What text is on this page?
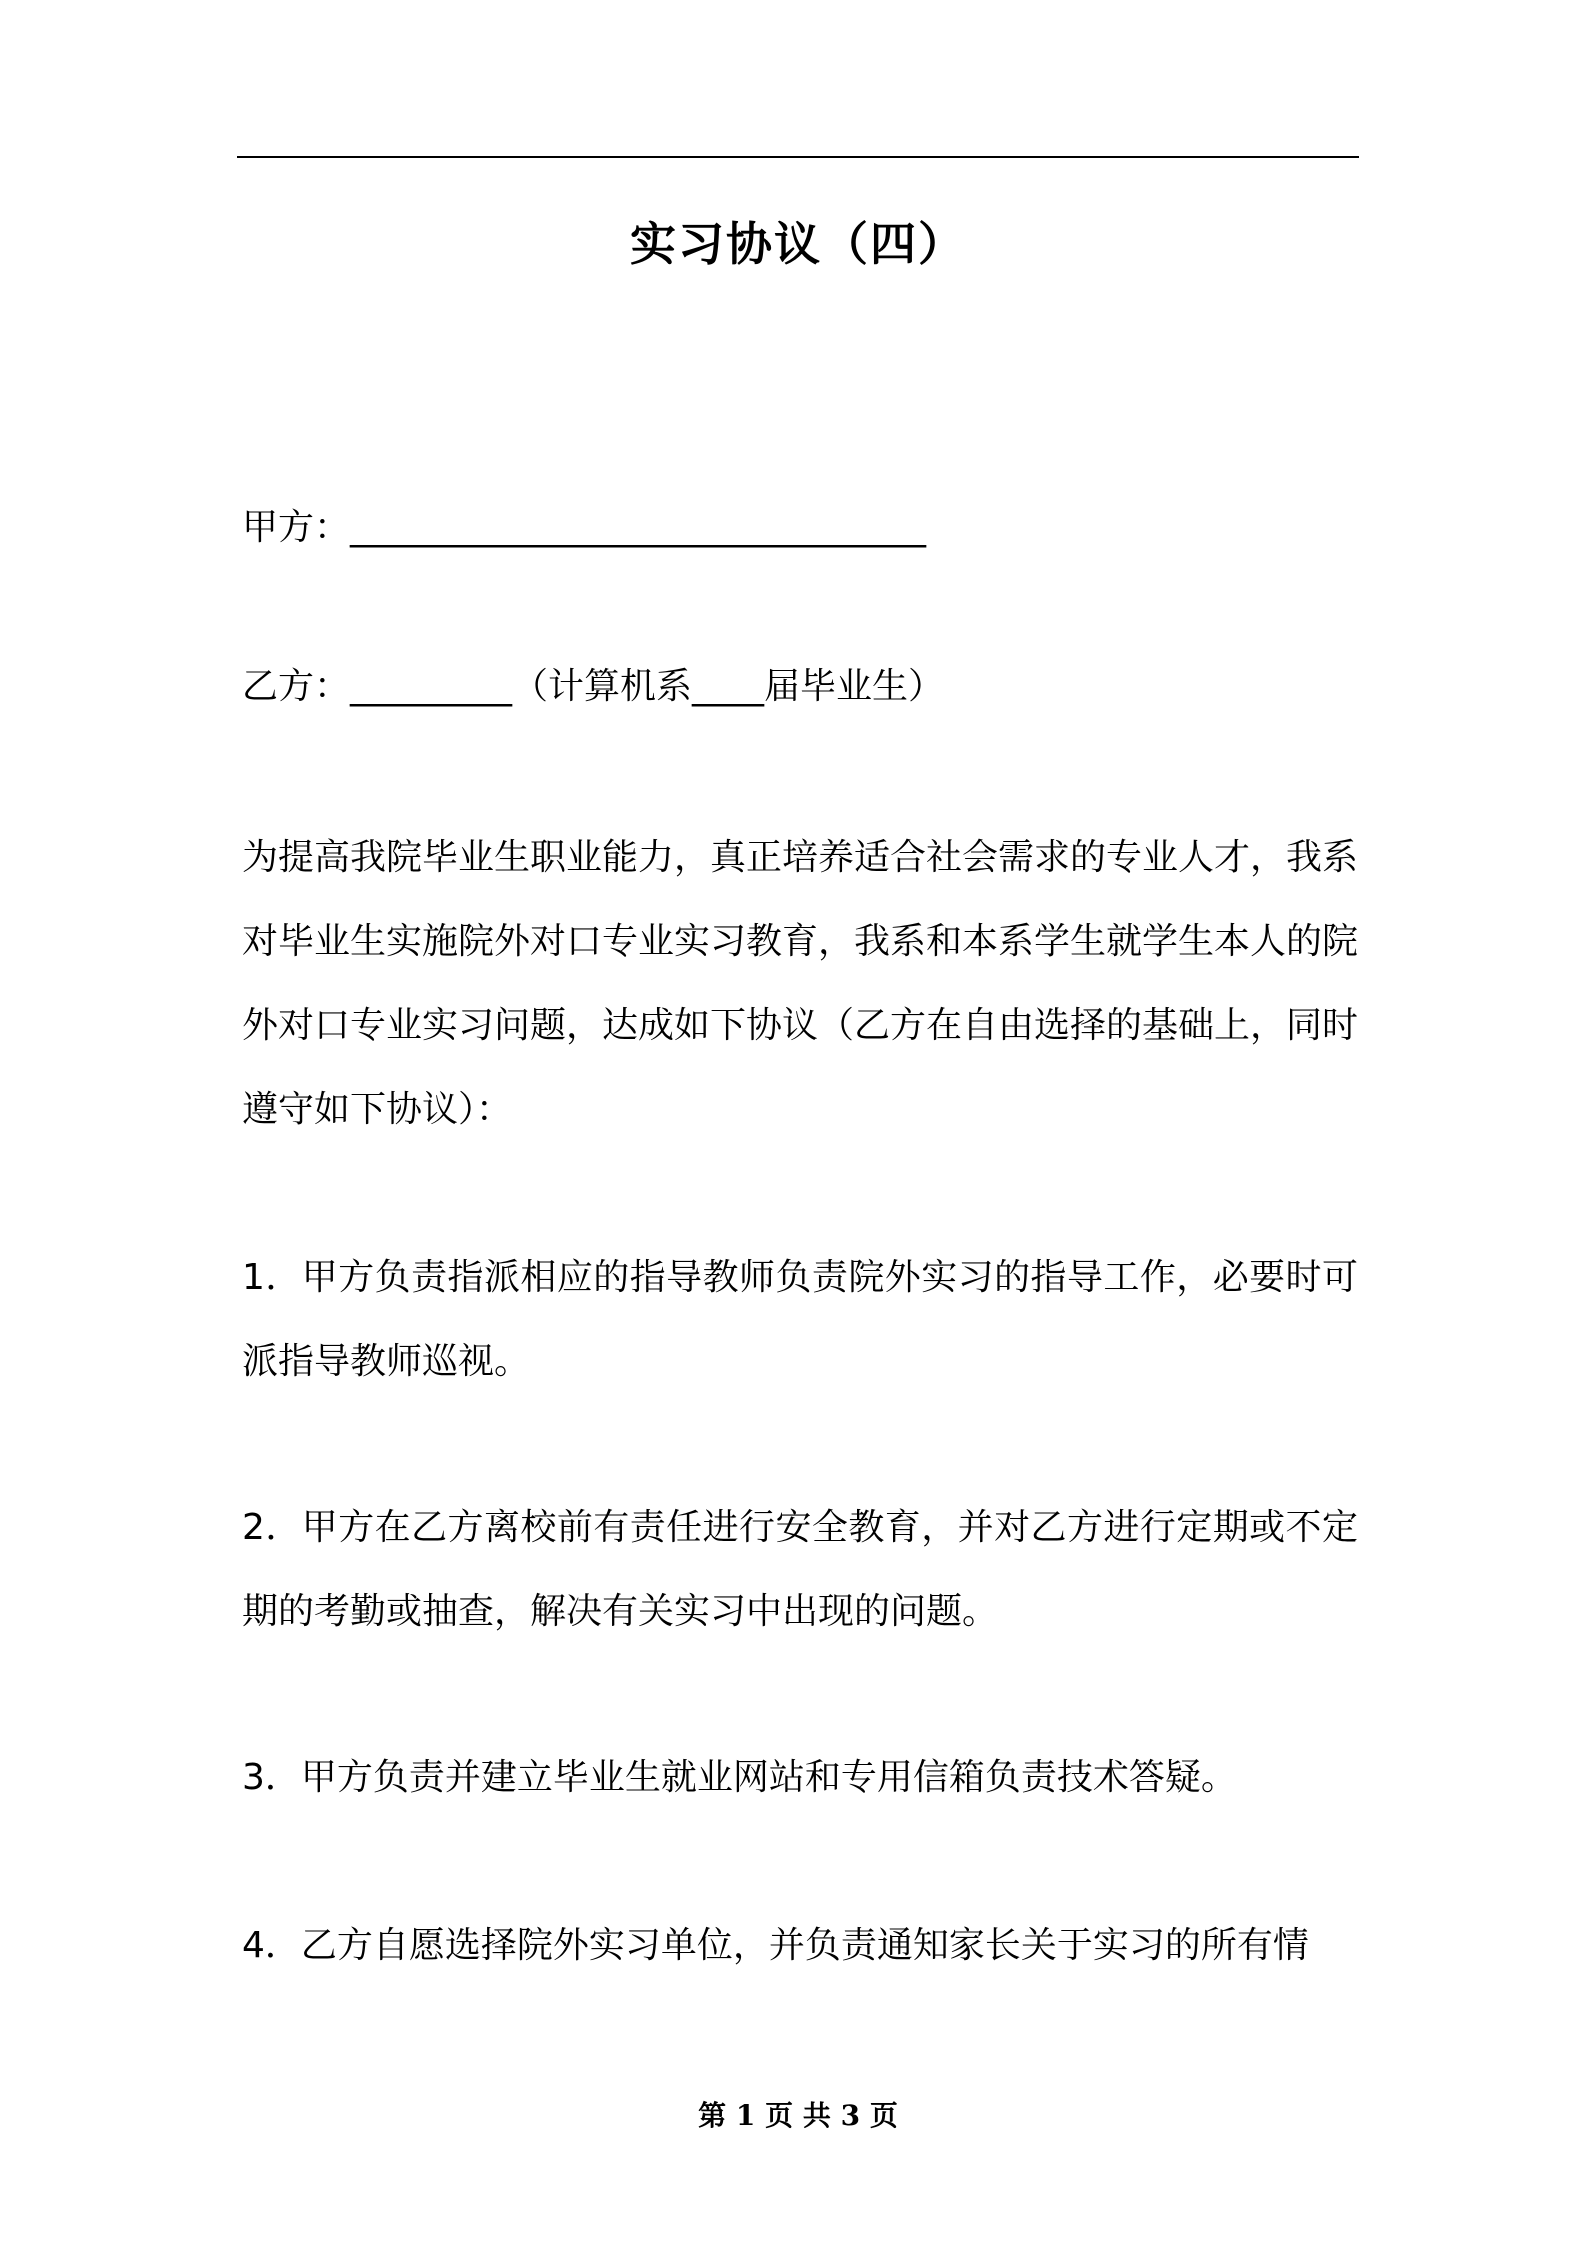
实习协议（四）
甲方：________________________________
乙方：_________（计算机系____届毕业生）

为提高我院毕业生职业能力，真正培养适合社会需求的专业人才，我系对毕业生实施院外对口专业实习教育，我系和本系学生就学生本人的院外对口专业实习问题，达成如下协议（乙方在自由选择的基础上，同时遵守如下协议）：

1．甲方负责指派相应的指导教师负责院外实习的指导工作，必要时可派指导教师巡视。

2．甲方在乙方离校前有责任进行安全教育，并对乙方进行定期或不定期的考勤或抽查，解决有关实习中出现的问题。

3．甲方负责并建立毕业生就业网站和专用信箱负责技术答疑。

4．乙方自愿选择院外实习单位，并负责通知家长关于实习的所有情

第 1 页 共 3 页
